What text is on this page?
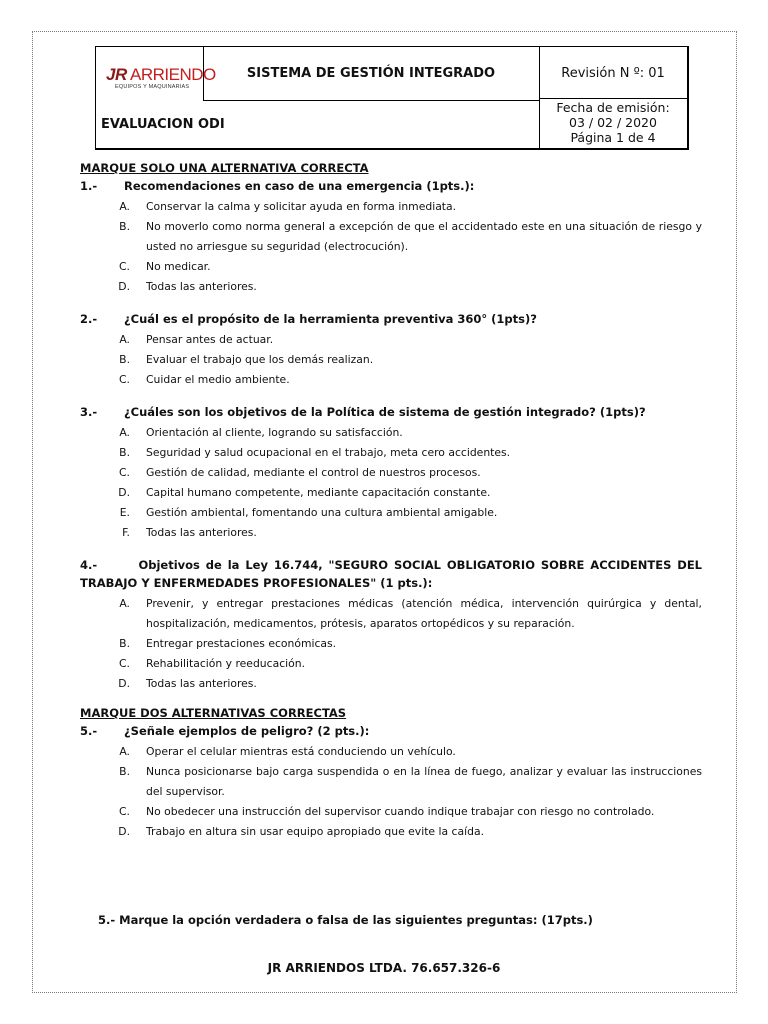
JR ARRIENDO
EQUIPOS Y MAQUINARIAS
SISTEMA DE GESTIÓN INTEGRADO
EVALUACION ODI
Revisión N º: 01
Fecha de emisión:
03 / 02 / 2020
Página 1 de 4
MARQUE SOLO UNA ALTERNATIVA CORRECTA
1.-	Recomendaciones en caso de una emergencia (1pts.):
A.	Conservar la calma y solicitar ayuda en forma inmediata.
B.	No moverlo como norma general a excepción de que el accidentado este en una situación de riesgo y usted no arriesgue su seguridad (electrocución).
C.	No medicar.
D.	Todas las anteriores.
2.-	¿Cuál es el propósito de la herramienta preventiva 360° (1pts)?
A.	Pensar antes de actuar.
B.	Evaluar el trabajo que los demás realizan.
C.	Cuidar el medio ambiente.
3.-	¿Cuáles son los objetivos de la Política de sistema de gestión integrado? (1pts)?
A.	Orientación al cliente, logrando su satisfacción.
B.	Seguridad y salud ocupacional en el trabajo, meta cero accidentes.
C.	Gestión de calidad, mediante el control de nuestros procesos.
D.	Capital humano competente, mediante capacitación constante.
E.	Gestión ambiental, fomentando una cultura ambiental amigable.
F.	Todas las anteriores.
4.-	Objetivos de la Ley 16.744, "SEGURO SOCIAL OBLIGATORIO SOBRE ACCIDENTES DEL TRABAJO Y ENFERMEDADES PROFESIONALES" (1 pts.):
A.	Prevenir, y entregar prestaciones médicas (atención médica, intervención quirúrgica y dental, hospitalización, medicamentos, prótesis, aparatos ortopédicos y su reparación.
B.	Entregar prestaciones económicas.
C.	Rehabilitación y reeducación.
D.	Todas las anteriores.
MARQUE DOS ALTERNATIVAS CORRECTAS
5.-	¿Señale ejemplos de peligro? (2 pts.):
A.	Operar el celular mientras está conduciendo un vehículo.
B.	Nunca posicionarse bajo carga suspendida o en la línea de fuego, analizar y evaluar las instrucciones del supervisor.
C.	No obedecer una instrucción del supervisor cuando indique trabajar con riesgo no controlado.
D.	Trabajo en altura sin usar equipo apropiado que evite la caída.
5.- Marque la opción verdadera o falsa de las siguientes preguntas: (17pts.)
JR ARRIENDOS LTDA. 76.657.326-6
